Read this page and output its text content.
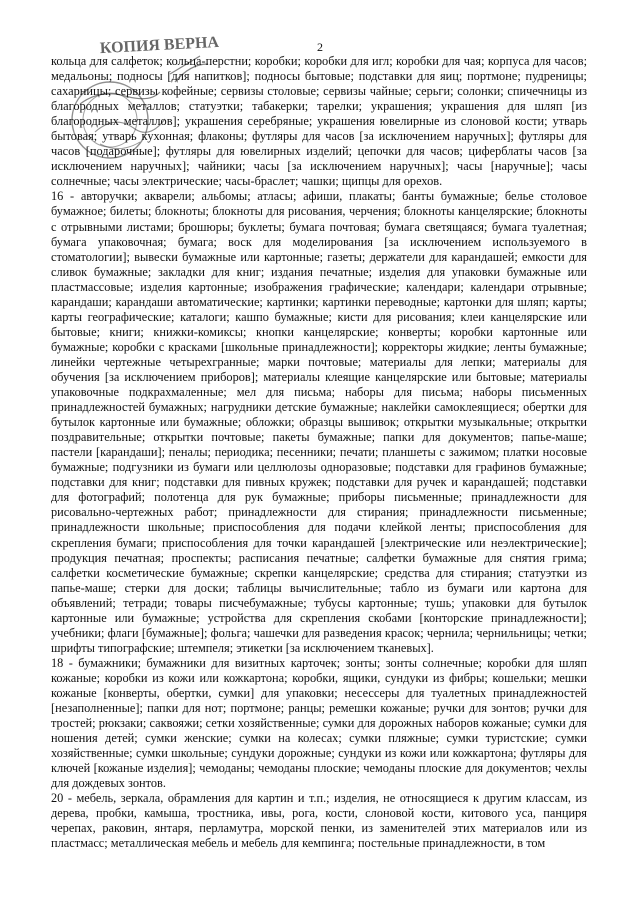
2
КОПИЯ ВЕРНА

кольца для салфеток; кольца-перстни; коробки; коробки для игл; коробки для чая; корпуса для часов; медальоны; подносы [для напитков]; подносы бытовые; подставки для яиц; портмоне; пудреницы; сахарницы; сервизы кофейные; сервизы столовые; сервизы чайные; серьги; солонки; спичечницы из благородных металлов; статуэтки; табакерки; тарелки; украшения; украшения для шляп [из благородных металлов]; украшения серебряные; украшения ювелирные из слоновой кости; утварь бытовая; утварь кухонная; флаконы; футляры для часов [за исключением наручных]; футляры для часов [подарочные]; футляры для ювелирных изделий; цепочки для часов; циферблаты часов [за исключением наручных]; чайники; часы [за исключением наручных]; часы [наручные]; часы солнечные; часы электрические; часы-браслет; чашки; щипцы для орехов.

16 - авторучки; акварели; альбомы; атласы; афиши, плакаты; банты бумажные; белье столовое бумажное; билеты; блокноты; блокноты для рисования, черчения; блокноты канцелярские; блокноты с отрывными листами; брошюры; буклеты; бумага почтовая; бумага светящаяся; бумага туалетная; бумага упаковочная; бумага; воск для моделирования [за исключением используемого в стоматологии]; вывески бумажные или картонные; газеты; держатели для карандашей; емкости для сливок бумажные; закладки для книг; издания печатные; изделия для упаковки бумажные или пластмассовые; изделия картонные; изображения графические; календари; календари отрывные; карандаши; карандаши автоматические; картинки; картинки переводные; картонки для шляп; карты; карты географические; каталоги; кашпо бумажные; кисти для рисования; клеи канцелярские или бытовые; книги; книжки-комиксы; кнопки канцелярские; конверты; коробки картонные или бумажные; коробки с красками [школьные принадлежности]; корректоры жидкие; ленты бумажные; линейки чертежные четырехгранные; марки почтовые; материалы для лепки; материалы для обучения [за исключением приборов]; материалы клеящие канцелярские или бытовые; материалы упаковочные подкрахмаленные; мел для письма; наборы для письма; наборы письменных принадлежностей бумажных; нагрудники детские бумажные; наклейки самоклеящиеся; обертки для бутылок картонные или бумажные; обложки; образцы вышивок; открытки музыкальные; открытки поздравительные; открытки почтовые; пакеты бумажные; папки для документов; папье-маше; пастели [карандаши]; пеналы; периодика; песенники; печати; планшеты с зажимом; платки носовые бумажные; подгузники из бумаги или целлюлозы одноразовые; подставки для графинов бумажные; подставки для книг; подставки для пивных кружек; подставки для ручек и карандашей; подставки для фотографий; полотенца для рук бумажные; приборы письменные; принадлежности для рисовально-чертежных работ; принадлежности для стирания; принадлежности письменные; принадлежности школьные; приспособления для подачи клейкой ленты; приспособления для скрепления бумаги; приспособления для точки карандашей [электрические или неэлектрические]; продукция печатная; проспекты; расписания печатные; салфетки бумажные для снятия грима; салфетки косметические бумажные; скрепки канцелярские; средства для стирания; статуэтки из папье-маше; стерки для доски; таблицы вычислительные; табло из бумаги или картона для объявлений; тетради; товары писчебумажные; тубусы картонные; тушь; упаковки для бутылок картонные или бумажные; устройства для скрепления скобами [конторские принадлежности]; учебники; флаги [бумажные]; фольга; чашечки для разведения красок; чернила; чернильницы; четки; шрифты типографские; штемпеля; этикетки [за исключением тканевых].

18 - бумажники; бумажники для визитных карточек; зонты; зонты солнечные; коробки для шляп кожаные; коробки из кожи или кожкартона; коробки, ящики, сундуки из фибры; кошельки; мешки кожаные [конверты, обертки, сумки] для упаковки; несессеры для туалетных принадлежностей [незаполненные]; папки для нот; портмоне; ранцы; ремешки кожаные; ручки для зонтов; ручки для тростей; рюкзаки; саквояжи; сетки хозяйственные; сумки для дорожных наборов кожаные; сумки для ношения детей; сумки женские; сумки на колесах; сумки пляжные; сумки туристские; сумки хозяйственные; сумки школьные; сундуки дорожные; сундуки из кожи или кожкартона; футляры для ключей [кожаные изделия]; чемоданы; чемоданы плоские; чемоданы плоские для документов; чехлы для дождевых зонтов.

20 - мебель, зеркала, обрамления для картин и т.п.; изделия, не относящиеся к другим классам, из дерева, пробки, камыша, тростника, ивы, рога, кости, слоновой кости, китового уса, панциря черепах, раковин, янтаря, перламутра, морской пенки, из заменителей этих материалов или из пластмасс; металлическая мебель и мебель для кемпинга; постельные принадлежности, в том
